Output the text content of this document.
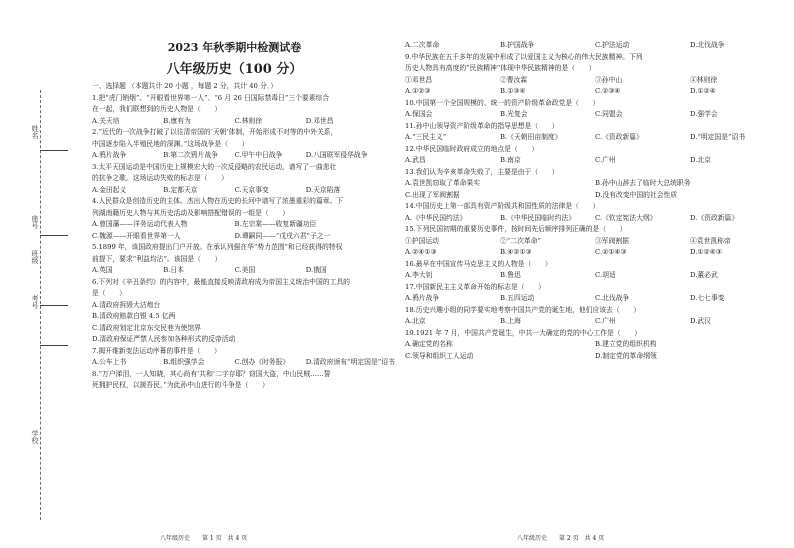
姓名
座号
班级
考号
学校
2023 年秋季期中检测试卷
八年级历史（100 分）
一、选择题 （本题共计 20 小题 ，每题 2 分，共计 40 分．）
1.把“虎门销烟”、“开眼看世界第一人”、“6 月 26 日国际禁毒日”三个要素综合
在一起，我们联想到的历史人物是（　　）
A.关天培	B.康有为	C.林则徐	D.邓世昌
2.“近代的一次战争打破了以往清帝国的‘天朝’体制，开始形成不对等的中外关系，
中国逐步陷入半殖民地的深渊。”这场战争是（　　）
A.鸦片战争	B.第二次鸦片战争	C.甲午中日战争	D.八国联军侵华战争
3.太平天国运动是中国历史上规模宏大的一次反侵略的农民运动，谱写了一曲悲壮
的抗争之歌。这场运动失败的标志是（　　）
A.金田起义	B.定都天京	C.天京事变	D.天京陷落
4.人民群众是创造历史的主体。杰出人物在历史的长河中谱写了浓墨重彩的篇章。下
列湖南籍历史人物与其历史活动及影响搭配错误的一组是（　　）
A.曾国藩——洋务运动代表人物	B.左宗棠——收复新疆功臣
C.魏源——开眼看世界第一人	D.谭嗣同——“戊戌六君”子之一
5.1899 年，该国政府提出门户开放。在承认列强在华“势力范围”和已经获得的特权
前提下，要求“利益均沾”。该国是（　　）
A.英国	B.日本	C.美国	D.俄国
6.下列对《辛丑条约》的内容中，最能直接反映清政府成为帝国主义统治中国的工具的
是（　　）
A.清政府拆毁大沽炮台
B.清政府赔款白银 4.5 亿两
C.清政府划定北京东交民巷为使馆界
D.清政府保证严禁人民参加各种形式的反帝活动
7.揭开维新变法运动序幕的事件是（　　）
A.公车上书	B.组织强学会	C.创办《时务报》	D.清政府颁布“明定国是”诏书
8.“万户涕泪，一人知晓，其心尚有‘共和’二字存耶？窃国大盗，中山民贼……誓
死拥护民权，以援吾民，”为此孙中山进行的斗争是（　　）
八年级历史　　第 1 页　共 4 页
A.二次革命	B.护国战争	C.护法运动	D.北伐战争
9.中华民族在五千多年的发展中形成了以爱国主义为核心的伟大民族精神。下列
历史人物具有高度的“民族精神”体现中华民族精神的是（　　）
①邓世昌	②曹汝霖	③孙中山	④林则徐
A.①②③	B.①③④	C.②③④	D.①②④
10.中国第一个全国规模的、统一的资产阶级革命政党是（　　）
A.保国会	B.光复会	C.同盟会	D.强学会
11.孙中山领导资产阶级革命的指导思想是（　　）
A.“三民主义”	B.《天朝田亩制度》	C.《资政新篇》	D.“明定国是”诏书
12.中华民国临时政府成立的地点是（　　）
A.武昌	B.南京	C.广州	D.北京
13.我们认为辛亥革命失败了，主要是由于（　　）
A.袁世凯窃取了革命果实	B.孙中山辞去了临时大总统职务
C.出现了军阀割据	D.没有改变中国的社会性质
14.中国历史上第一部具有资产阶级共和国性质的法律是（　　）
A.《中华民国约法》	B.《中华民国临时约法》	C.《钦定宪法大纲》	D.《资政新篇》
15.下列民国初期的重要历史事件，按时间先后顺序排列正确的是（　　）
①护国运动	②“二次革命”	③军阀割据	④袁世凯称帝
A.②④①③	B.④②①③	C.②①④③	D.①②④③
16.最早在中国宣传马克思主义的人物是（　　）
A.李大钊	B.鲁迅	C.胡适	D.董必武
17.中国新民主主义革命开始的标志是（　　）
A.鸦片战争	B.五四运动	C.北伐战争	D.七七事变
18.历史兴趣小组的同学要实地考察中国共产党的诞生地，他们应该去（　　）
A.北京	B.上海	C.广州	D.武汉
19.1921 年 7 月，中国共产党诞生，中共一大确定的党的中心工作是（　　）
A.确定党的名称	B.建立党的组织机构
C.领导和组织工人运动	D.制定党的革命纲领
八年级历史　　第 2 页　共 4 页
